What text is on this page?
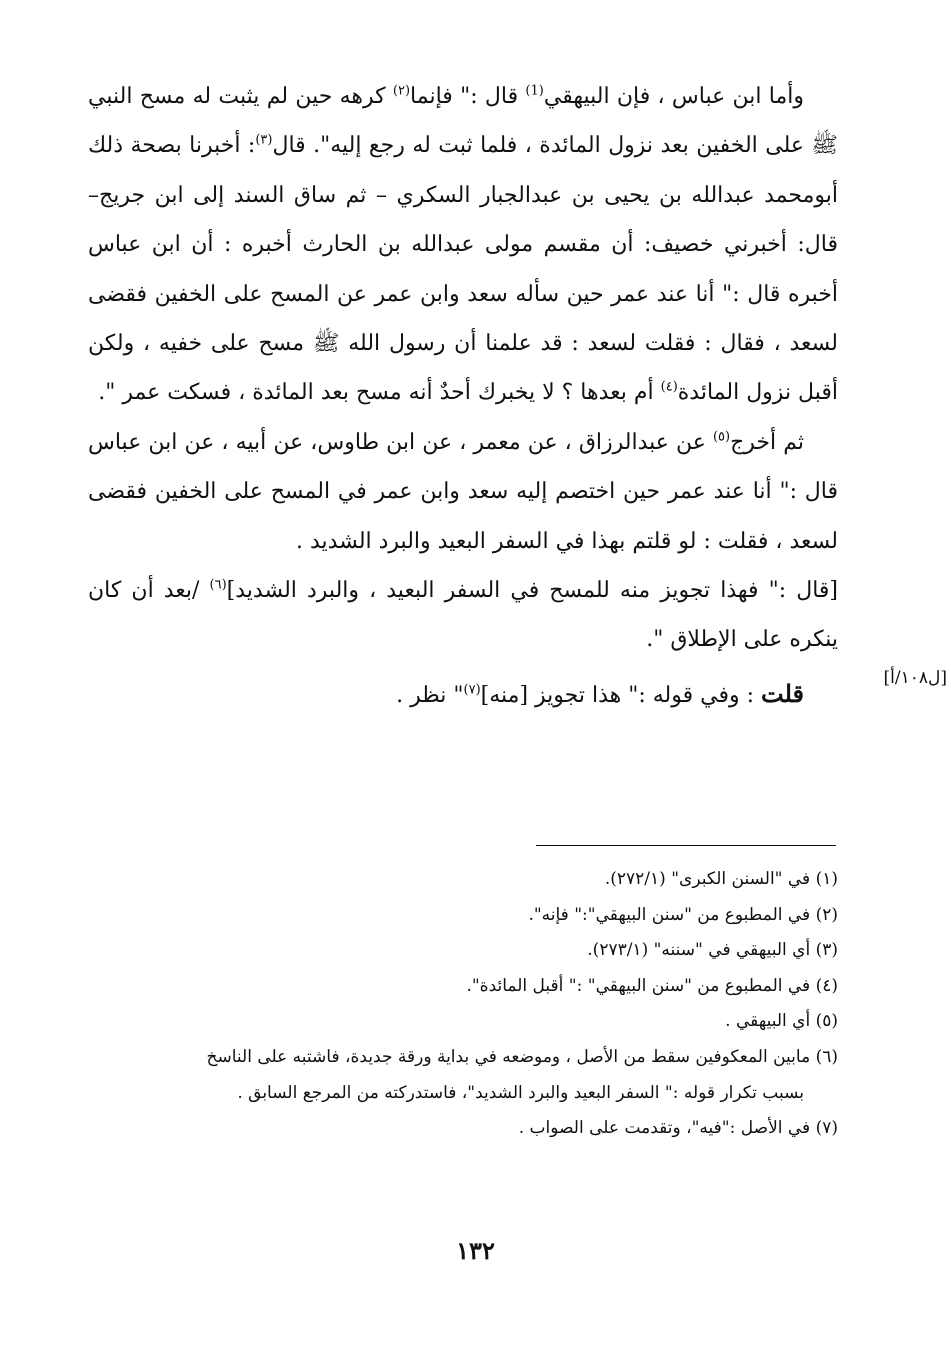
وأما ابن عباس ، فإن البيهقي$^{(1)}$ قال :" فإنما$^{(٢)}$ كرهه حين لم يثبت له مسح النبي ﷺ على الخفين بعد نزول المائدة ، فلما ثبت له رجع إليه". قال$^{(٣)}$: أخبرنا بصحة ذلك أبومحمد عبدالله بن يحيى بن عبدالجبار السكري – ثم ساق السند إلى ابن جريج– قال: أخبرني خصيف: أن مقسم مولى عبدالله بن الحارث أخبره : أن ابن عباس أخبره قال :" أنا عند عمر حين سأله سعد وابن عمر عن المسح على الخفين فقضى لسعد ، فقال : فقلت لسعد : قد علمنا أن رسول الله ﷺ مسح على خفيه ، ولكن أقبل نزول المائدة$^{(٤)}$ أم بعدها ؟ لا يخبرك أحدٌ أنه مسح بعد المائدة ، فسكت عمر ".

ثم أخرج$^{(٥)}$ عن عبدالرزاق ، عن معمر ، عن ابن طاوس، عن أبيه ، عن ابن عباس قال :" أنا عند عمر حين اختصم إليه سعد وابن عمر في المسح على الخفين فقضى لسعد ، فقلت : لو قلتم بهذا في السفر البعيد والبرد الشديد .

[قال :" فهذا تجويز منه للمسح في السفر البعيد ، والبرد الشديد]$^{(٦)}$ /بعد أن كان ينكره على الإطلاق ".

قلت : وفي قوله :" هذا تجويز [منه]$^{(٧)}$" نظر .

[ل١٠٨/أ]

(١) في "السنن الكبرى" (٢٧٢/١).

(٢) في المطبوع من "سنن البيهقي":" فإنه".

(٣) أي البيهقي في "سننه" (٢٧٣/١).

(٤) في المطبوع من "سنن البيهقي" :" أقبل المائدة".

(٥) أي البيهقي .

(٦) مابين المعكوفين سقط من الأصل ، وموضعه في بداية ورقة جديدة، فاشتبه على الناسخ

بسبب تكرار قوله :" السفر البعيد والبرد الشديد"، فاستدركته من المرجع السابق .

(٧) في الأصل :"فيه"، وتقدمت على الصواب .

١٣٢
